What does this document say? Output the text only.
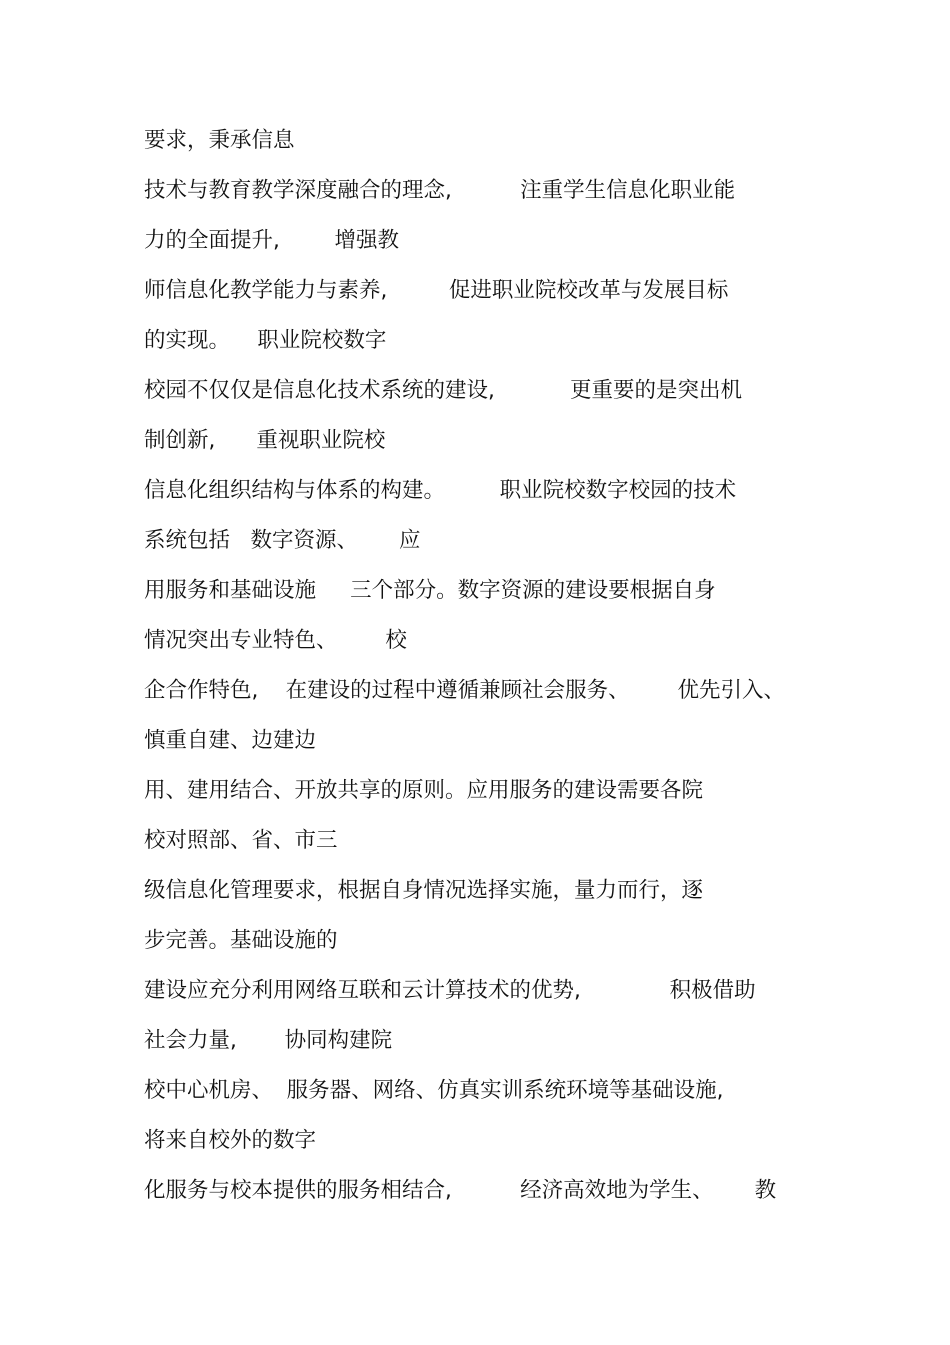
要求，秉承信息
技术与教育教学深度融合的理念,          注重学生信息化职业能
力的全面提升,        增强教
师信息化教学能力与素养,         促进职业院校改革与发展目标
的实现。    职业院校数字
校园不仅仅是信息化技术系统的建设,           更重要的是突出机
制创新,      重视职业院校
信息化组织结构与体系的构建。        职业院校数字校园的技术
系统包括   数字资源、      应
用服务和基础设施     三个部分。数字资源的建设要根据自身
情况突出专业特色、       校
企合作特色,    在建设的过程中遵循兼顾社会服务、       优先引入、
慎重自建、边建边
用、建用结合、开放共享的原则。应用服务的建设需要各院
校对照部、省、市三
级信息化管理要求，根据自身情况选择实施，量力而行，逐
步完善。基础设施的
建设应充分利用网络互联和云计算技术的优势,             积极借助
社会力量,       协同构建院
校中心机房、  服务器、网络、仿真实训系统环境等基础设施,
将来自校外的数字
化服务与校本提供的服务相结合,          经济高效地为学生、      教
